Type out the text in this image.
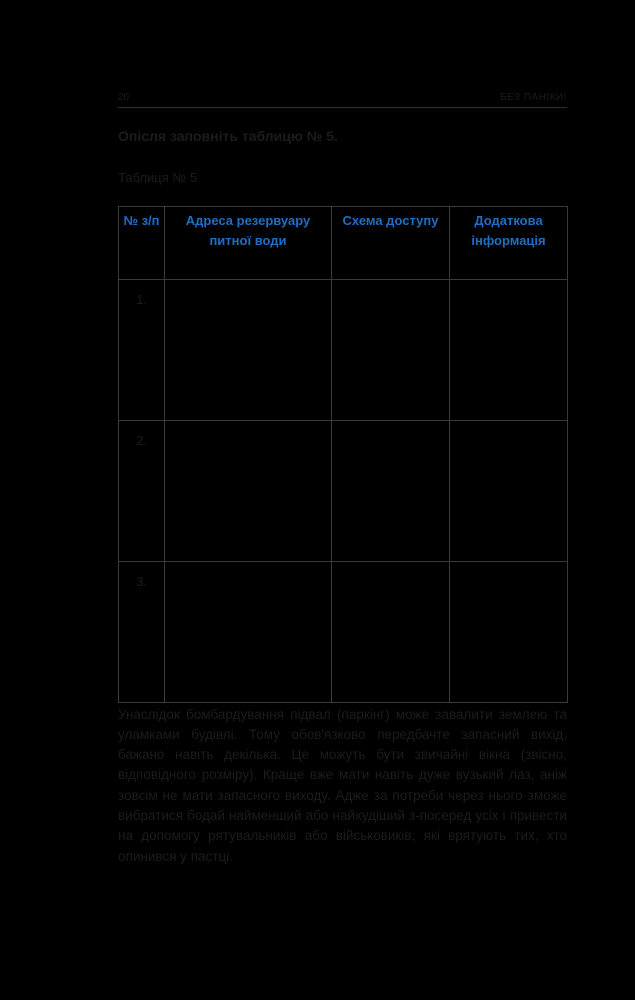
20	БЕЗ ПАНІКИ!
Опісля заповніть таблицю № 5.
Таблиця № 5
№ з/п	Адреса резервуару питної води	Схема доступу	Додаткова інформація
1.			
2.			
3.			

Унаслідок бомбардування підвал (паркінг) може завалити землею та уламками будівлі. Тому обов'язково передбачте запасний вихід, бажано навіть декілька. Це можуть бути звичайні вікна (звісно, відповідного розміру). Краще вже мати навіть дуже вузький лаз, аніж зовсім не мати запасного виходу. Адже за потреби через нього зможе вибратися бодай найменший або найхудіший з-посеред усіх і привести на допомогу рятувальників або військовиків, які врятують тих, хто опинився у пастці.
